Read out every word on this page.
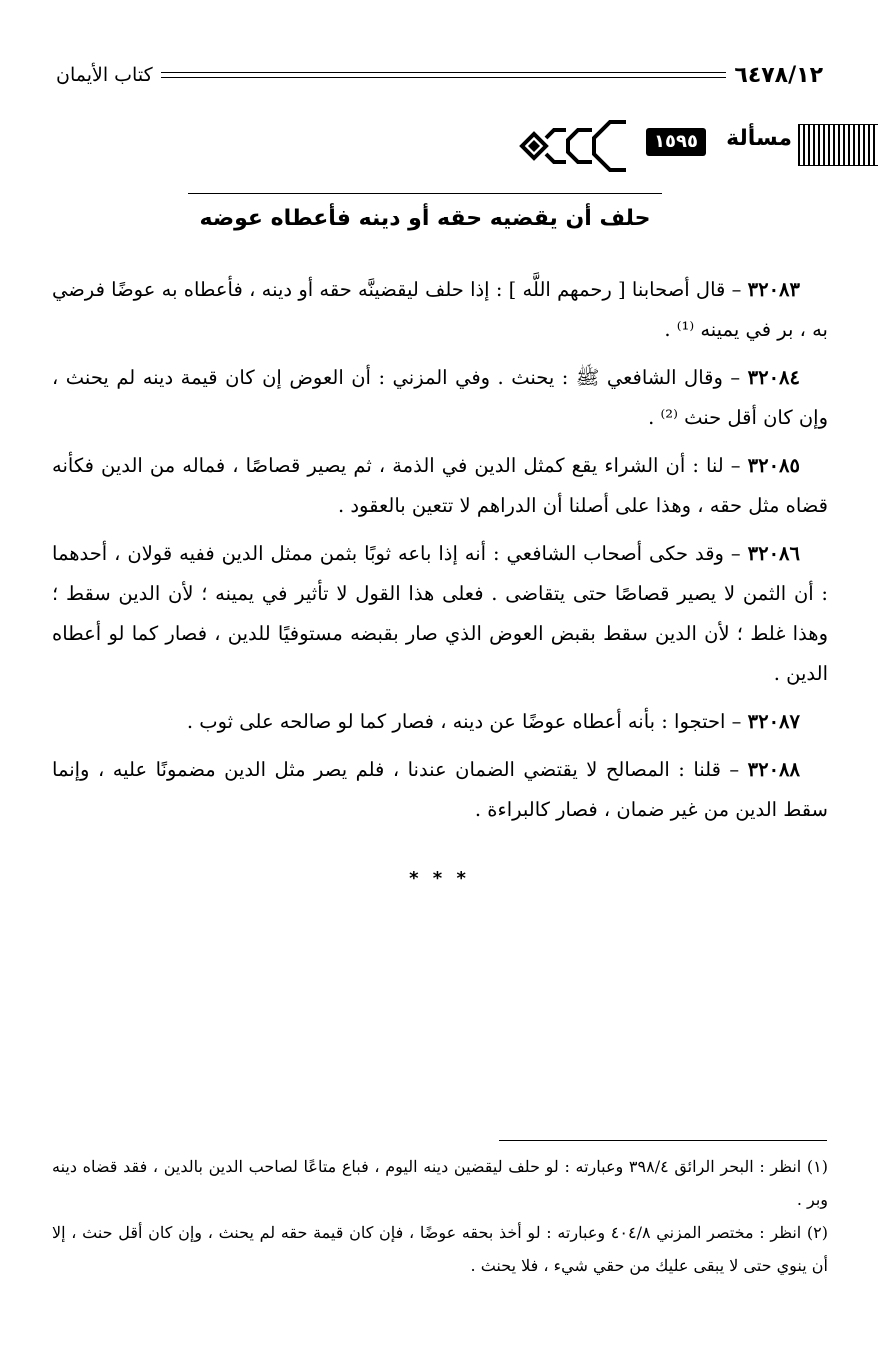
٦٤٧٨/١٢
كتاب الأيمان
مسألة
١٥٩٥
حلف أن يقضيه حقه أو دينه فأعطاه عوضه

٣٢٠٨٣ – قال أصحابنا [ رحمهم اللَّه ] : إذا حلف ليقضينَّه حقه أو دينه ، فأعطاه به عوضًا فرضي به ، بر في يمينه ⁽¹⁾ .

٣٢٠٨٤ – وقال الشافعي ﷺ : يحنث . وفي المزني : أن العوض إن كان قيمة دينه لم يحنث ، وإن كان أقل حنث ⁽²⁾ .

٣٢٠٨٥ – لنا : أن الشراء يقع كمثل الدين في الذمة ، ثم يصير قصاصًا ، فماله من الدين فكأنه قضاه مثل حقه ، وهذا على أصلنا أن الدراهم لا تتعين بالعقود .

٣٢٠٨٦ – وقد حكى أصحاب الشافعي : أنه إذا باعه ثوبًا بثمن ممثل الدين ففيه قولان ، أحدهما : أن الثمن لا يصير قصاصًا حتى يتقاضى . فعلى هذا القول لا تأثير في يمينه ؛ لأن الدين سقط ؛ وهذا غلط ؛ لأن الدين سقط بقبض العوض الذي صار بقبضه مستوفيًا للدين ، فصار كما لو أعطاه الدين .

٣٢٠٨٧ – احتجوا : بأنه أعطاه عوضًا عن دينه ، فصار كما لو صالحه على ثوب .

٣٢٠٨٨ – قلنا : المصالح لا يقتضي الضمان عندنا ، فلم يصر مثل الدين مضمونًا عليه ، وإنما سقط الدين من غير ضمان ، فصار كالبراءة .

* * *

(١) انظر : البحر الرائق ٣٩٨/٤ وعبارته : لو حلف ليقضين دينه اليوم ، فباع متاعًا لصاحب الدين بالدين ، فقد قضاه دينه وبر .

(٢) انظر : مختصر المزني ٤٠٤/٨ وعبارته : لو أخذ بحقه عوضًا ، فإن كان قيمة حقه لم يحنث ، وإن كان أقل حنث ، إلا أن ينوي حتى لا يبقى عليك من حقي شيء ، فلا يحنث .
